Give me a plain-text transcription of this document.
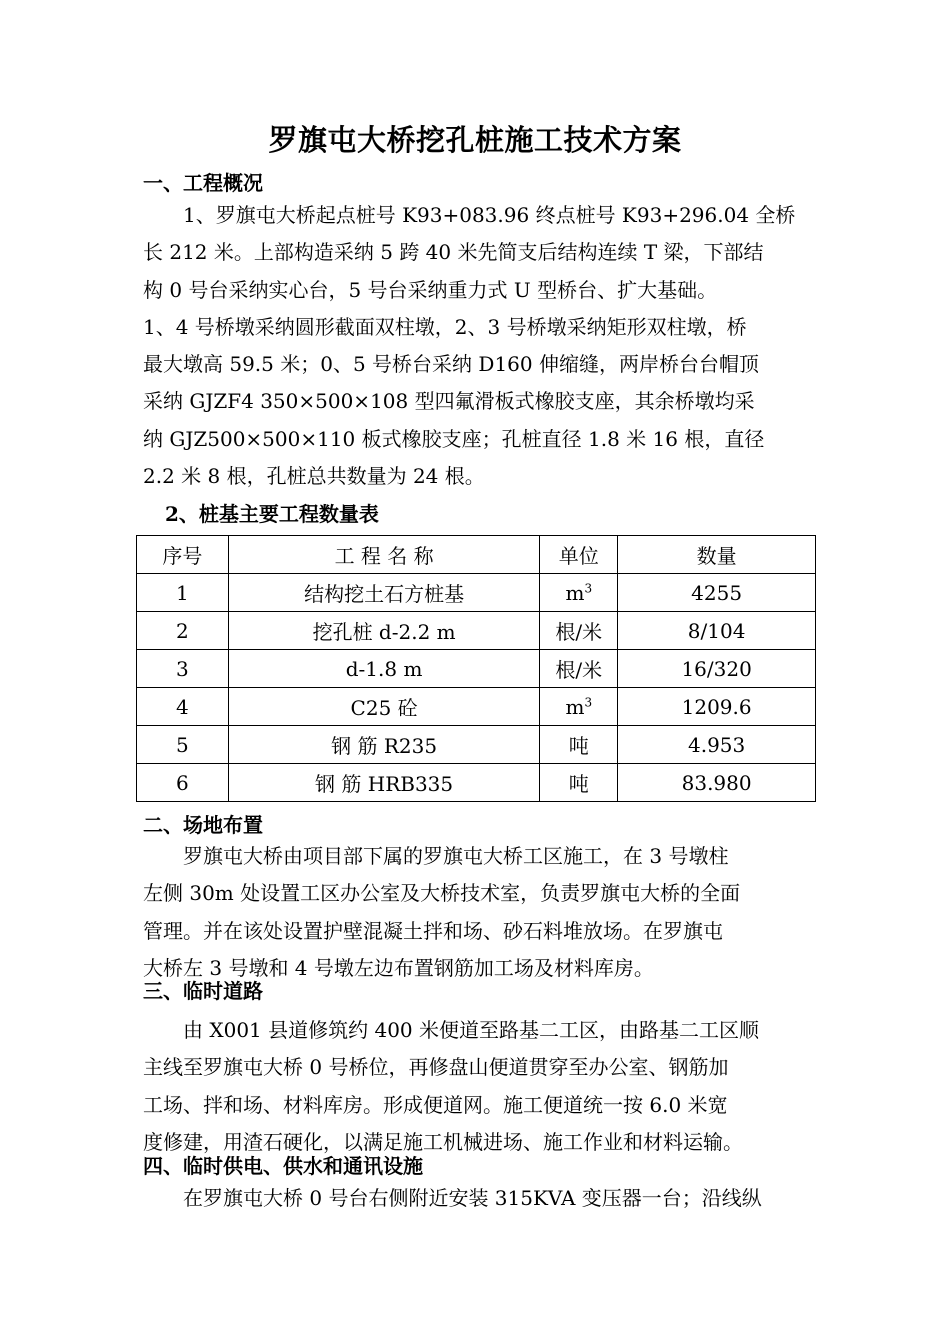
罗旗屯大桥挖孔桩施工技术方案
一、工程概况
1、罗旗屯大桥起点桩号 K93+083.96 终点桩号 K93+296.04 全桥
长 212 米。上部构造采纳 5 跨 40 米先简支后结构连续 T 梁，下部结
构 0 号台采纳实心台，5 号台采纳重力式 U 型桥台、扩大基础。
1、4 号桥墩采纳圆形截面双柱墩，2、3 号桥墩采纳矩形双柱墩，桥
最大墩高 59.5 米；0、5 号桥台采纳 D160 伸缩缝，两岸桥台台帽顶
采纳 GJZF4 350×500×108 型四氟滑板式橡胶支座，其余桥墩均采
纳 GJZ500×500×110 板式橡胶支座；孔桩直径 1.8 米 16 根，直径
2.2 米 8 根，孔桩总共数量为 24 根。
2、桩基主要工程数量表
序号	工 程 名 称	单位	数量
1	结构挖土石方桩基	$m^3$	4255
2	挖孔桩 d-2.2 m	根/米	8/104
3	d-1.8 m	根/米	16/320
4	C25 砼	$m^3$	1209.6
5	钢 筋 R235	吨	4.953
6	钢 筋 HRB335	吨	83.980
二、场地布置
罗旗屯大桥由项目部下属的罗旗屯大桥工区施工，在 3 号墩柱
左侧 30m 处设置工区办公室及大桥技术室，负责罗旗屯大桥的全面
管理。并在该处设置护壁混凝土拌和场、砂石料堆放场。在罗旗屯
大桥左 3 号墩和 4 号墩左边布置钢筋加工场及材料库房。
三、临时道路
由 X001 县道修筑约 400 米便道至路基二工区，由路基二工区顺
主线至罗旗屯大桥 0 号桥位，再修盘山便道贯穿至办公室、钢筋加
工场、拌和场、材料库房。形成便道网。施工便道统一按 6.0 米宽
度修建，用渣石硬化，以满足施工机械进场、施工作业和材料运输。
四、临时供电、供水和通讯设施
在罗旗屯大桥 0 号台右侧附近安装 315KVA 变压器一台；沿线纵
